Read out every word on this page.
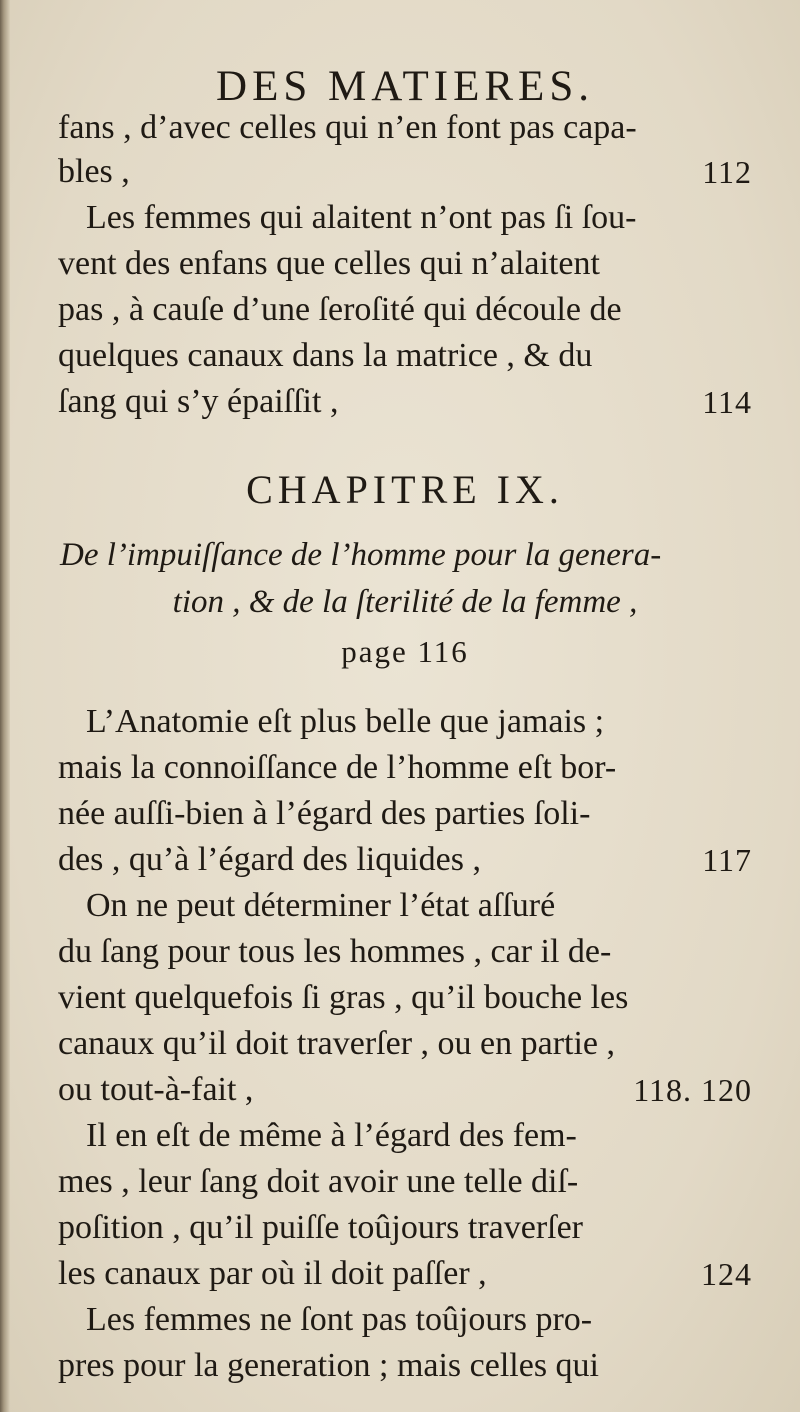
DES MATIERES.
fans , d’avec celles qui n’en font pas capa-
bles ,	112
Les femmes qui alaitent n’ont pas ſi ſou-
vent des enfans que celles qui n’alaitent
pas , à cauſe d’une ſeroſité qui découle de
quelques canaux dans la matrice , & du
ſang qui s’y épaiſſit ,	114
CHAPITRE IX.
De l’impuiſſance de l’homme pour la genera-
tion , & de la ſterilité de la femme ,
page 116
L’Anatomie eſt plus belle que jamais ;
mais la connoiſſance de l’homme eſt bor-
née auſſi-bien à l’égard des parties ſoli-
des , qu’à l’égard des liquides ,	117
On ne peut déterminer l’état aſſuré
du ſang pour tous les hommes , car il de-
vient quelquefois ſi gras , qu’il bouche les
canaux qu’il doit traverſer , ou en partie ,
ou tout-à-fait ,	118. 120
Il en eſt de même à l’égard des fem-
mes , leur ſang doit avoir une telle diſ-
poſition , qu’il puiſſe toûjours traverſer
les canaux par où il doit paſſer ,	124
Les femmes ne ſont pas toûjours pro-
pres pour la generation ; mais celles qui
